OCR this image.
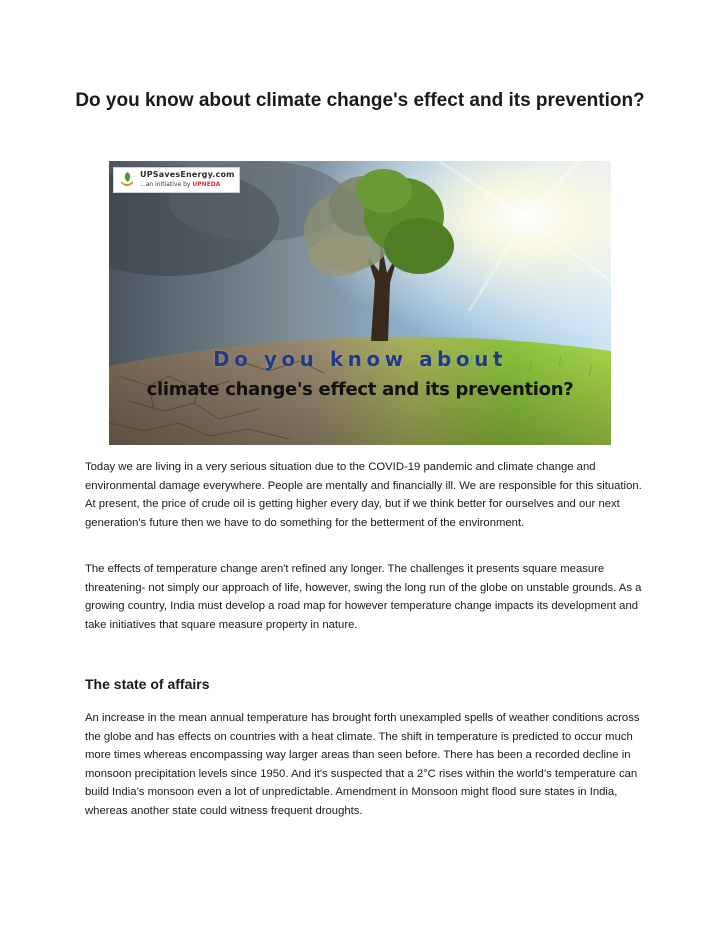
Do you know about climate change's effect and its prevention?
UPSavesEnergy.com
...an initiative by UPNEDA
Do you know about
climate change's effect and its prevention?

Today we are living in a very serious situation due to the COVID-19 pandemic and climate change and environmental damage everywhere. People are mentally and financially ill. We are responsible for this situation. At present, the price of crude oil is getting higher every day, but if we think better for ourselves and our next generation's future then we have to do something for the betterment of the environment.

The effects of temperature change aren't refined any longer. The challenges it presents square measure threatening- not simply our approach of life, however, swing the long run of the globe on unstable grounds. As a growing country, India must develop a road map for however temperature change impacts its development and take initiatives that square measure property in nature.

The state of affairs

An increase in the mean annual temperature has brought forth unexampled spells of weather conditions across the globe and has effects on countries with a heat climate. The shift in temperature is predicted to occur much more times whereas encompassing way larger areas than seen before. There has been a recorded decline in monsoon precipitation levels since 1950. And it's suspected that a 2°C rises within the world’s temperature can build India’s monsoon even a lot of unpredictable. Amendment in Monsoon might flood sure states in India, whereas another state could witness frequent droughts.
